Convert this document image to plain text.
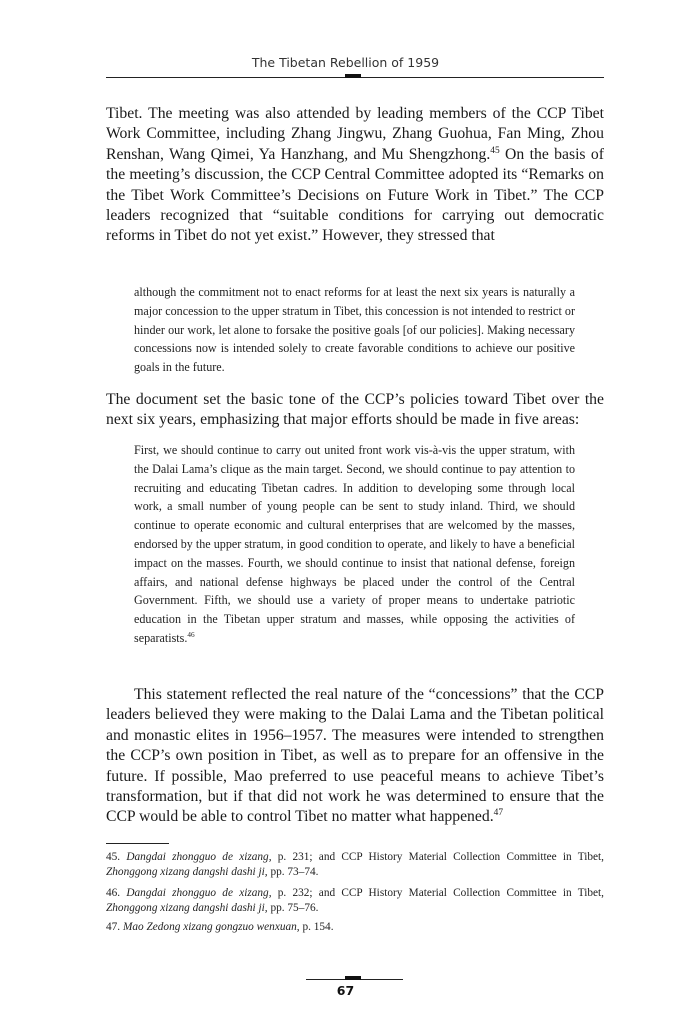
The Tibetan Rebellion of 1959

Tibet. The meeting was also attended by leading members of the CCP Tibet Work Committee, including Zhang Jingwu, Zhang Guohua, Fan Ming, Zhou Renshan, Wang Qimei, Ya Hanzhang, and Mu Shengzhong.$^{45}$ On the basis of the meeting’s discussion, the CCP Central Committee adopted its “Remarks on the Tibet Work Committee’s Decisions on Future Work in Tibet.” The CCP leaders recognized that “suitable conditions for carrying out democratic reforms in Tibet do not yet exist.” However, they stressed that

although the commitment not to enact reforms for at least the next six years is naturally a major concession to the upper stratum in Tibet, this concession is not intended to restrict or hinder our work, let alone to forsake the positive goals [of our policies]. Making necessary concessions now is intended solely to create favorable conditions to achieve our positive goals in the future.

The document set the basic tone of the CCP’s policies toward Tibet over the next six years, emphasizing that major efforts should be made in five areas:

First, we should continue to carry out united front work vis-à-vis the upper stratum, with the Dalai Lama’s clique as the main target. Second, we should continue to pay attention to recruiting and educating Tibetan cadres. In addition to developing some through local work, a small number of young people can be sent to study inland. Third, we should continue to operate economic and cultural enterprises that are welcomed by the masses, endorsed by the upper stratum, in good condition to operate, and likely to have a beneficial impact on the masses. Fourth, we should continue to insist that national defense, foreign affairs, and national defense highways be placed under the control of the Central Government. Fifth, we should use a variety of proper means to undertake patriotic education in the Tibetan upper stratum and masses, while opposing the activities of separatists.$^{46}$

This statement reflected the real nature of the “concessions” that the CCP leaders believed they were making to the Dalai Lama and the Tibetan political and monastic elites in 1956–1957. The measures were intended to strengthen the CCP’s own position in Tibet, as well as to prepare for an offensive in the future. If possible, Mao preferred to use peaceful means to achieve Tibet’s transformation, but if that did not work he was determined to ensure that the CCP would be able to control Tibet no matter what happened.$^{47}$

45. Dangdai zhongguo de xizang, p. 231; and CCP History Material Collection Committee in Tibet, Zhonggong xizang dangshi dashi ji, pp. 73–74.

46. Dangdai zhongguo de xizang, p. 232; and CCP History Material Collection Committee in Tibet, Zhonggong xizang dangshi dashi ji, pp. 75–76.

47. Mao Zedong xizang gongzuo wenxuan, p. 154.

67
